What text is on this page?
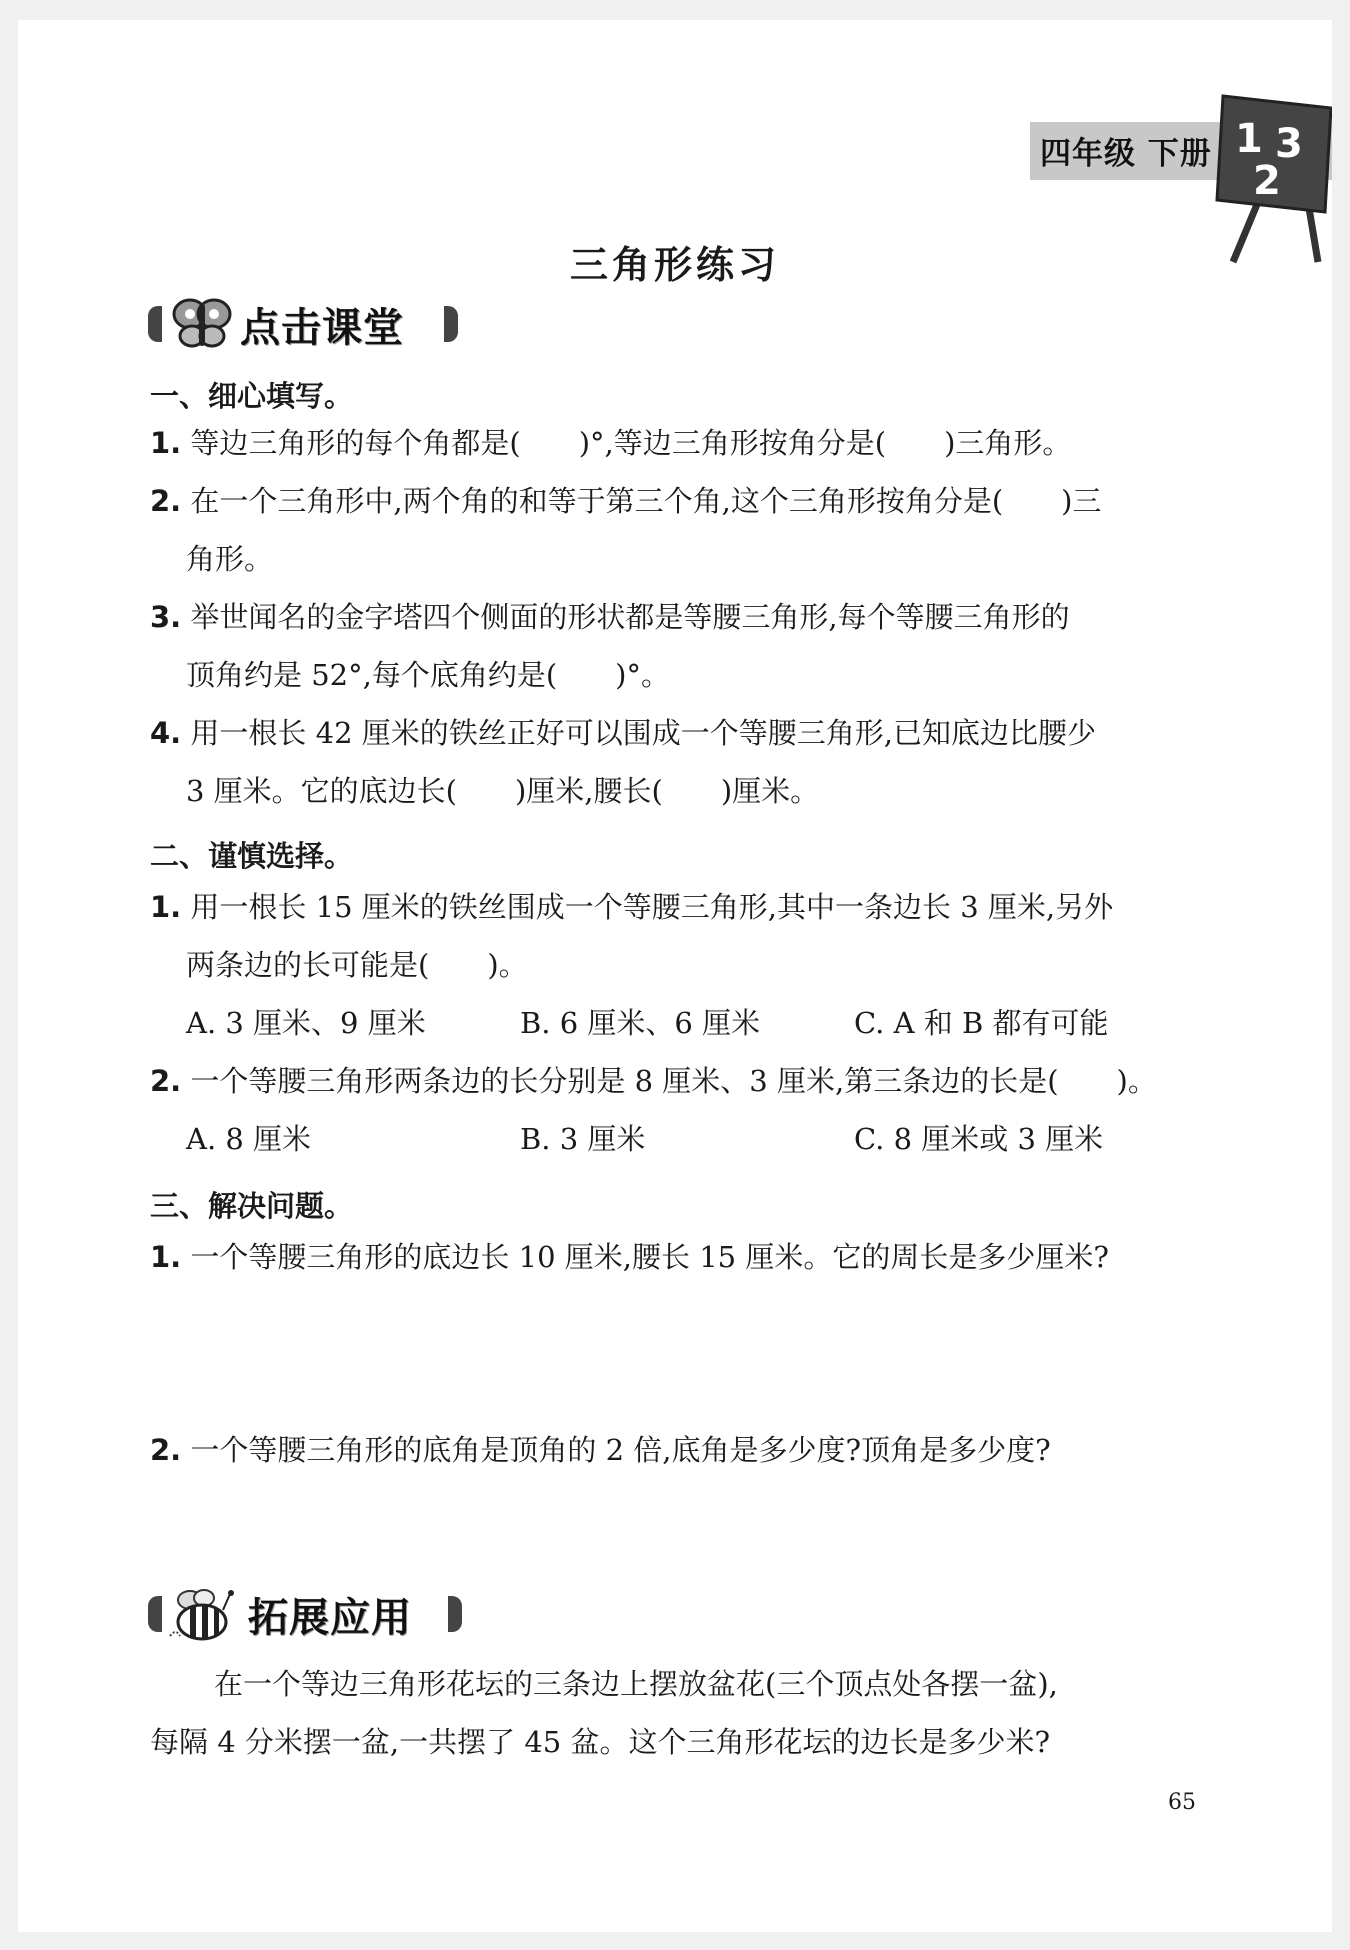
四年级 下册 1 3
2
三角形练习
点击课堂
一、细心填写。
1. 等边三角形的每个角都是(　　)°,等边三角形按角分是(　　)三角形。
2. 在一个三角形中,两个角的和等于第三个角,这个三角形按角分是(　　)三
角形。
3. 举世闻名的金字塔四个侧面的形状都是等腰三角形,每个等腰三角形的
顶角约是 52°,每个底角约是(　　)°。
4. 用一根长 42 厘米的铁丝正好可以围成一个等腰三角形,已知底边比腰少
3 厘米。它的底边长(　　)厘米,腰长(　　)厘米。
二、谨慎选择。
1. 用一根长 15 厘米的铁丝围成一个等腰三角形,其中一条边长 3 厘米,另外
两条边的长可能是(　　)。
A. 3 厘米、9 厘米	B. 6 厘米、6 厘米	C. A 和 B 都有可能
2. 一个等腰三角形两条边的长分别是 8 厘米、3 厘米,第三条边的长是(　　)。
A. 8 厘米	B. 3 厘米	C. 8 厘米或 3 厘米
三、解决问题。
1. 一个等腰三角形的底边长 10 厘米,腰长 15 厘米。它的周长是多少厘米?
2. 一个等腰三角形的底角是顶角的 2 倍,底角是多少度?顶角是多少度?
拓展应用
在一个等边三角形花坛的三条边上摆放盆花(三个顶点处各摆一盆),
每隔 4 分米摆一盆,一共摆了 45 盆。这个三角形花坛的边长是多少米?
65
